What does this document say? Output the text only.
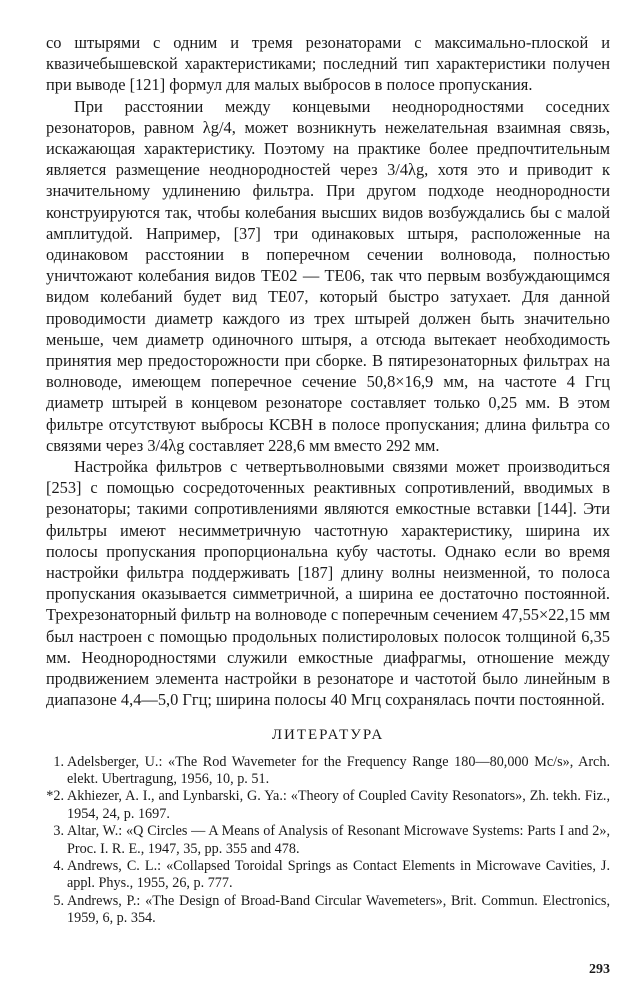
со штырями с одним и тремя резонаторами с максимально-плоской и квазичебышевской характеристиками; последний тип характеристики получен при выводе [121] формул для малых выбросов в полосе пропускания.

При расстоянии между концевыми неоднородностями соседних резонаторов, равном λg/4, может возникнуть нежелательная взаимная связь, искажающая характеристику. Поэтому на практике более предпочтительным является размещение неоднородностей через 3/4λg, хотя это и приводит к значительному удлинению фильтра. При другом подходе неоднородности конструируются так, чтобы колебания высших видов возбуждались бы с малой амплитудой. Например, [37] три одинаковых штыря, расположенные на одинаковом расстоянии в поперечном сечении волновода, полностью уничтожают колебания видов TE02 — TE06, так что первым возбуждающимся видом колебаний будет вид TE07, который быстро затухает. Для данной проводимости диаметр каждого из трех штырей должен быть значительно меньше, чем диаметр одиночного штыря, а отсюда вытекает необходимость принятия мер предосторожности при сборке. В пятирезонаторных фильтрах на волноводе, имеющем поперечное сечение 50,8×16,9 мм, на частоте 4 Ггц диаметр штырей в концевом резонаторе составляет только 0,25 мм. В этом фильтре отсутствуют выбросы КСВН в полосе пропускания; длина фильтра со связями через 3/4λg составляет 228,6 мм вместо 292 мм.

Настройка фильтров с четвертьволновыми связями может производиться [253] с помощью сосредоточенных реактивных сопротивлений, вводимых в резонаторы; такими сопротивлениями являются емкостные вставки [144]. Эти фильтры имеют несимметричную частотную характеристику, ширина их полосы пропускания пропорциональна кубу частоты. Однако если во время настройки фильтра поддерживать [187] длину волны неизменной, то полоса пропускания оказывается симметричной, а ширина ее достаточно постоянной. Трехрезонаторный фильтр на волноводе с поперечным сечением 47,55×22,15 мм был настроен с помощью продольных полистироловых полосок толщиной 6,35 мм. Неоднородностями служили емкостные диафрагмы, отношение между продвижением элемента настройки в резонаторе и частотой было линейным в диапазоне 4,4—5,0 Ггц; ширина полосы 40 Мгц сохранялась почти постоянной.

ЛИТЕРАТУРА
1. Adelsberger, U.: «The Rod Wavemeter for the Frequency Range 180—80,000 Mc/s», Arch. elekt. Ubertragung, 1956, 10, p. 51.
*2. Akhiezer, A. I., and Lynbarski, G. Ya.: «Theory of Coupled Cavity Resonators», Zh. tekh. Fiz., 1954, 24, p. 1697.
3. Altar, W.: «Q Circles — A Means of Analysis of Resonant Microwave Systems: Parts I and 2», Proc. I. R. E., 1947, 35, pp. 355 and 478.
4. Andrews, C. L.: «Collapsed Toroidal Springs as Contact Elements in Microwave Cavities, J. appl. Phys., 1955, 26, p. 777.
5. Andrews, P.: «The Design of Broad-Band Circular Wavemeters», Brit. Commun. Electronics, 1959, 6, p. 354.
293
